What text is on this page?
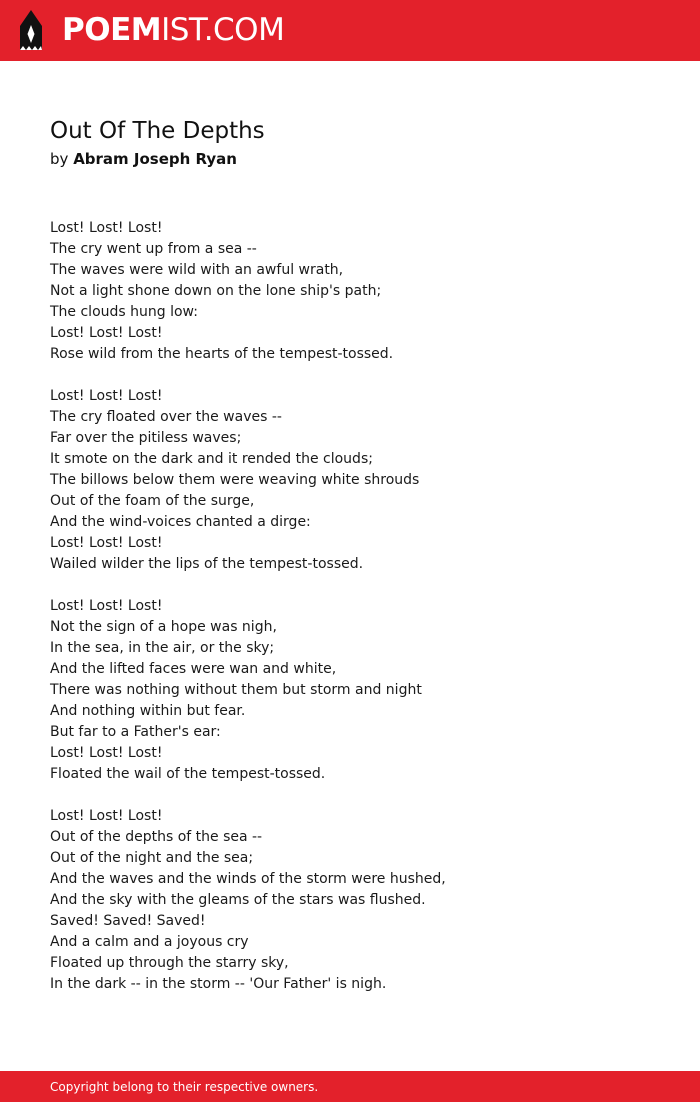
POEMIST.COM
Out Of The Depths
by Abram Joseph Ryan
Lost! Lost! Lost!
The cry went up from a sea --
The waves were wild with an awful wrath,
Not a light shone down on the lone ship's path;
The clouds hung low:
Lost! Lost! Lost!
Rose wild from the hearts of the tempest-tossed.
Lost! Lost! Lost!
The cry floated over the waves --
Far over the pitiless waves;
It smote on the dark and it rended the clouds;
The billows below them were weaving white shrouds
Out of the foam of the surge,
And the wind-voices chanted a dirge:
Lost! Lost! Lost!
Wailed wilder the lips of the tempest-tossed.
Lost! Lost! Lost!
Not the sign of a hope was nigh,
In the sea, in the air, or the sky;
And the lifted faces were wan and white,
There was nothing without them but storm and night
And nothing within but fear.
But far to a Father's ear:
Lost! Lost! Lost!
Floated the wail of the tempest-tossed.
Lost! Lost! Lost!
Out of the depths of the sea --
Out of the night and the sea;
And the waves and the winds of the storm were hushed,
And the sky with the gleams of the stars was flushed.
Saved! Saved! Saved!
And a calm and a joyous cry
Floated up through the starry sky,
In the dark -- in the storm -- 'Our Father' is nigh.
Copyright belong to their respective owners.
